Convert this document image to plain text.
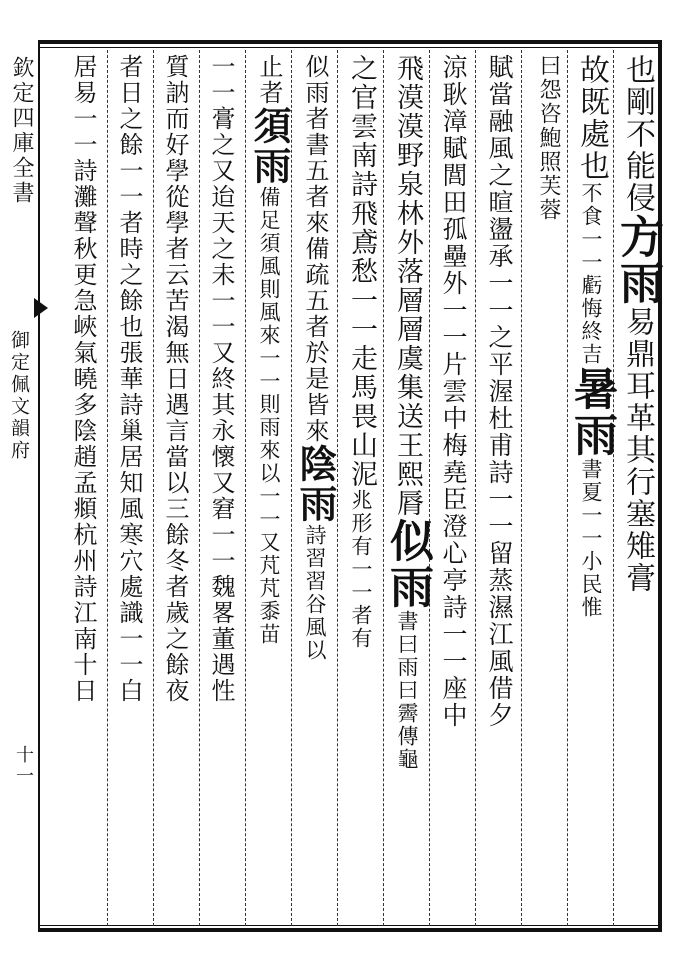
欽定四庫全書
御定佩文韻府
十一
也剛不能侵方雨易鼎耳革其行塞雉膏
故既處也不食一一虧悔終吉暑雨書夏一一小民惟
曰怨咨鮑照芙蓉
賦當融風之暄盪承一一之平渥杜甫詩一一留蒸濕江風借夕
涼耿漳賦閭田孤壘外一一片雲中梅堯臣澄心亭詩一一座中
飛漠漠野泉林外落層層虞集送王熙脣似雨書曰雨曰霽傳龜
之官雲南詩飛鳶愁一一走馬畏山泥兆形有一一者有
似雨者書五者來備疏五者於是皆來陰雨詩習習谷風以
止者須雨備足須風則風來一一則雨來以一一又芃芃黍苗
一一膏之又迨天之未一一又終其永懷又窘一一魏畧董遇性
質訥而好學從學者云苦渴無日遇言當以三餘冬者歲之餘夜
者日之餘一一者時之餘也張華詩巢居知風寒穴處識一一白
居易一一詩灘聲秋更急峽氣曉多陰趙孟頫杭州詩江南十日
